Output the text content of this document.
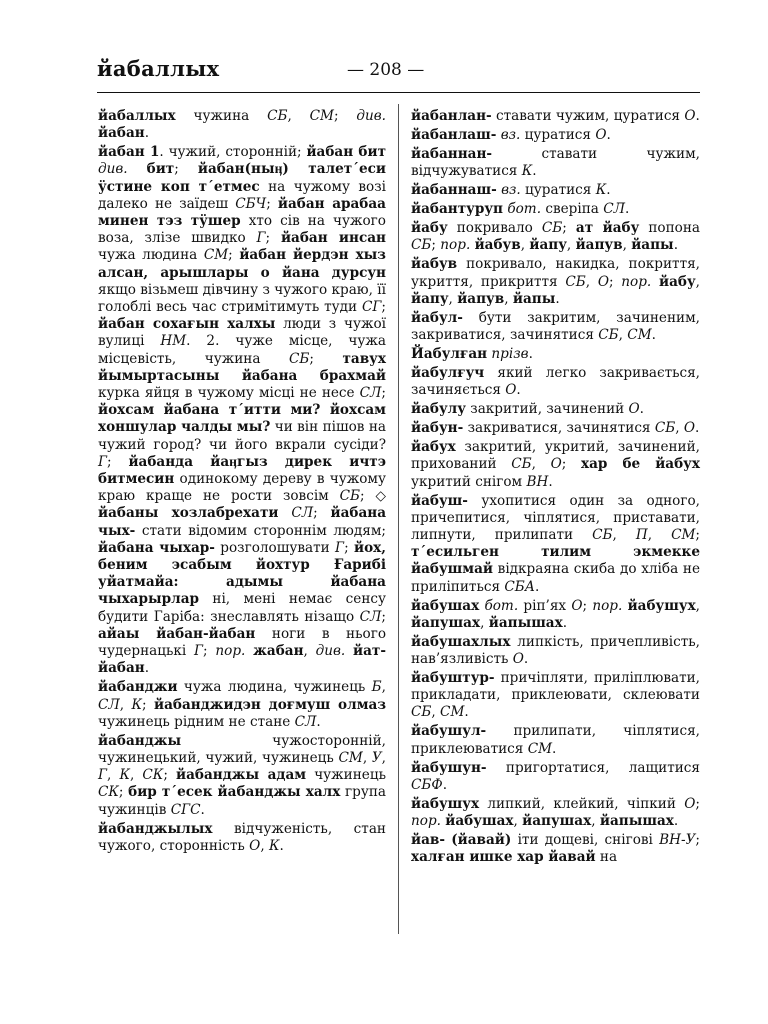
йабаллых	— 208 —
йабаллых чужина СБ, СМ; див. йабан.
йабан 1. чужий, сторонній; йабан бит див. бит; йабан(ныӊ) талет΄еси ӱстине коп т΄етмес на чужому возі далеко не заїдеш СБЧ; йабан арабаа минен тэз тӱшер хто сів на чужого воза, злізе швидко Г; йабан инсан чужа людина СМ; йабан йердэн хыз алсан, арышлары о йана дурсун якщо візьмеш дівчину з чужого краю, її голоблі весь час стримітимуть туди СГ; йабан сохағын халхы люди з чужої вулиці НМ. 2. чуже місце, чужа місцевість, чужина СБ; тавух йымыртасыны йабана брахмай курка яйця в чужому місці не несе СЛ; йохсам йабана т΄итти ми? йохсам хоншулар чалды мы? чи він пішов на чужий город? чи його вкрали сусіди? Г; йабанда йаӊгыз дирек ичтэ битмесин одинокому дереву в чужому краю краще не рости зовсім СБ; ◇ йабаны хозлабрехати СЛ; йабана чых- стати відомим стороннім людям; йабана чыхар- розголошувати Г; йох, беним эсабым йохтур Ғарибі уйатмайа: адымы йабана чыхарырлар ні, мені немає сенсу будити Гаріба: знеславлять нізащо СЛ; айаы йабан-йабан ноги в нього чудернацькі Г; пор. жабан, див. йат-йабан.
йабанджи чужа людина, чужинець Б, СЛ, К; йабанджидэн доғмуш олмаз чужинець рідним не стане СЛ.
йабанджы чужосторонній, чужинецький, чужий, чужинець СМ, У, Г, К, СК; йабанджы адам чужинець СК; бир т΄есек йабанджы халх група чужинців СГС.
йабанджылых відчуженість, стан чужого, сторонність О, К.
йабанлан- ставати чужим, цуратися О.
йабанлаш- вз. цуратися О.
йабаннан- ставати чужим, відчужуватися К.
йабаннаш- вз. цуратися К.
йабантуруп бот. сверіпа СЛ.
йабу покривало СБ; ат йабу попона СБ; пор. йабув, йапу, йапув, йапы.
йабув покривало, накидка, покриття, укриття, прикриття СБ, О; пор. йабу, йапу, йапув, йапы.
йабул- бути закритим, зачиненим, закриватися, зачинятися СБ, СМ.
Йабулған прізв.
йабулғуч який легко закривається, зачиняється О.
йабулу закритий, зачинений О.
йабун- закриватися, зачинятися СБ, О.
йабух закритий, укритий, зачинений, прихований СБ, О; хар бе йабух укритий снігом ВН.
йабуш- ухопитися один за одного, причепитися, чіплятися, приставати, липнути, прилипати СБ, П, СМ; т΄есильген тилим экмекке йабушмай відкраяна скиба до хліба не приліпиться СБА.
йабушах бот. ріп’ях О; пор. йабушух, йапушах, йапышах.
йабушахлых липкість, причепливість, нав’язливість О.
йабуштур- причіпляти, приліплювати, прикладати, приклеювати, склеювати СБ, СМ.
йабушул- прилипати, чіплятися, приклеюватися СМ.
йабушун- пригортатися, лащитися СБФ.
йабушух липкий, клейкий, чіпкий О; пор. йабушах, йапушах, йапышах.
йав- (йавай) іти дощеві, снігові ВН-У; халған ишке хар йавай на
